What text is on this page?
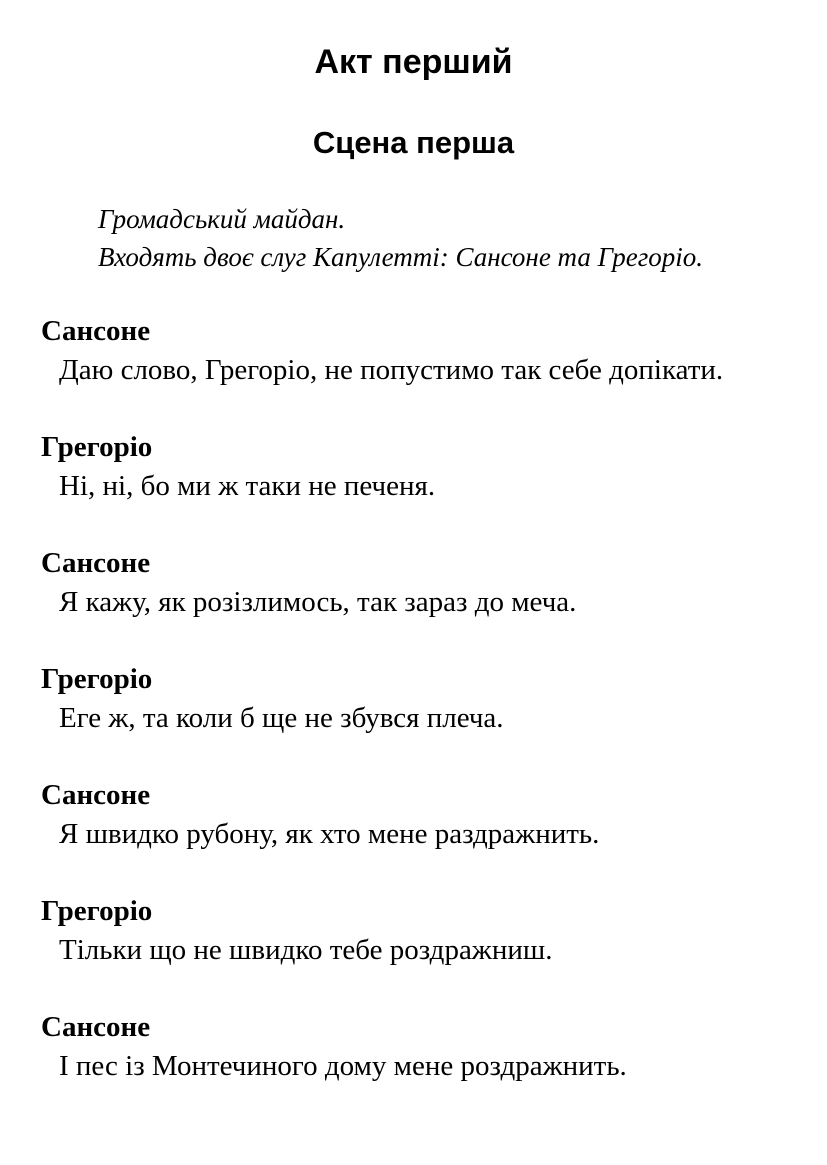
Акт перший
Сцена перша
Громадський майдан.
Входять двоє слуг Капулетті: Сансоне та Грегоріо.
Сансоне
Даю слово, Грегоріо, не попустимо так себе допікати.
Грегоріо
Ні, ні, бо ми ж таки не печеня.
Сансоне
Я кажу, як розізлимось, так зараз до меча.
Грегоріо
Еге ж, та коли б ще не збувся плеча.
Сансоне
Я швидко рубону, як хто мене раздражнить.
Грегоріо
Тільки що не швидко тебе роздражниш.
Сансоне
І пес із Монтечиного дому мене роздражнить.
